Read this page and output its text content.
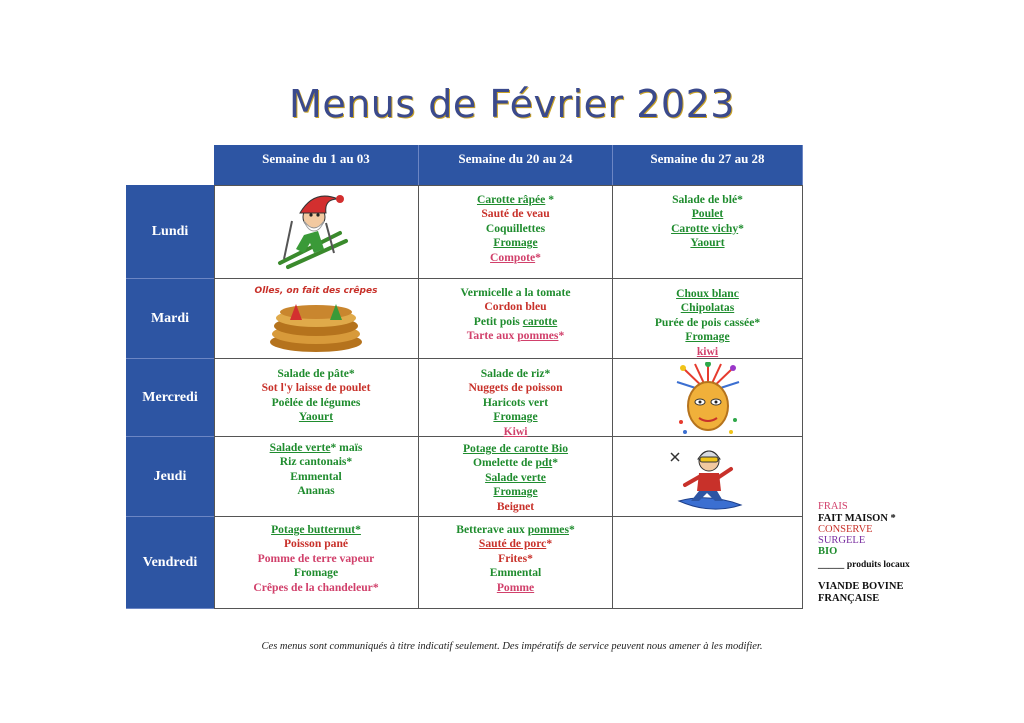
Menus de Février 2023
Semaine du 1 au 03	Semaine du 20 au 24	Semaine du 27 au 28
Lundi
Mardi
Mercredi
Jeudi
Vendredi
Olles, on fait des crêpes
Salade de pâte*
Sot l'y laisse de poulet
Poêlée de légumes
Yaourt
Salade verte* maïs
Riz cantonais*
Emmental
Ananas
Potage butternut*
Poisson pané
Pomme de terre vapeur
Fromage
Crêpes de la chandeleur*
Carotte râpée *
Sauté de veau
Coquillettes
Fromage
Compote*
Vermicelle a la tomate
Cordon bleu
Petit pois carotte
Tarte aux pommes*
Salade de riz*
Nuggets de poisson
Haricots vert
Fromage
Kiwi
Potage de carotte Bio
Omelette de pdt*
Salade verte
Fromage
Beignet
Betterave aux pommes*
Sauté de porc*
Frites*
Emmental
Pomme
Salade de blé*
Poulet
Carotte vichy*
Yaourt
Choux blanc
Chipolatas
Purée de pois cassée*
Fromage
kiwi
FRAIS
FAIT MAISON *
CONSERVE
SURGELE
BIO
_____ produits locaux
VIANDE BOVINE
FRANÇAISE
Ces menus sont communiqués à titre indicatif seulement. Des impératifs de service peuvent nous amener à les modifier.
